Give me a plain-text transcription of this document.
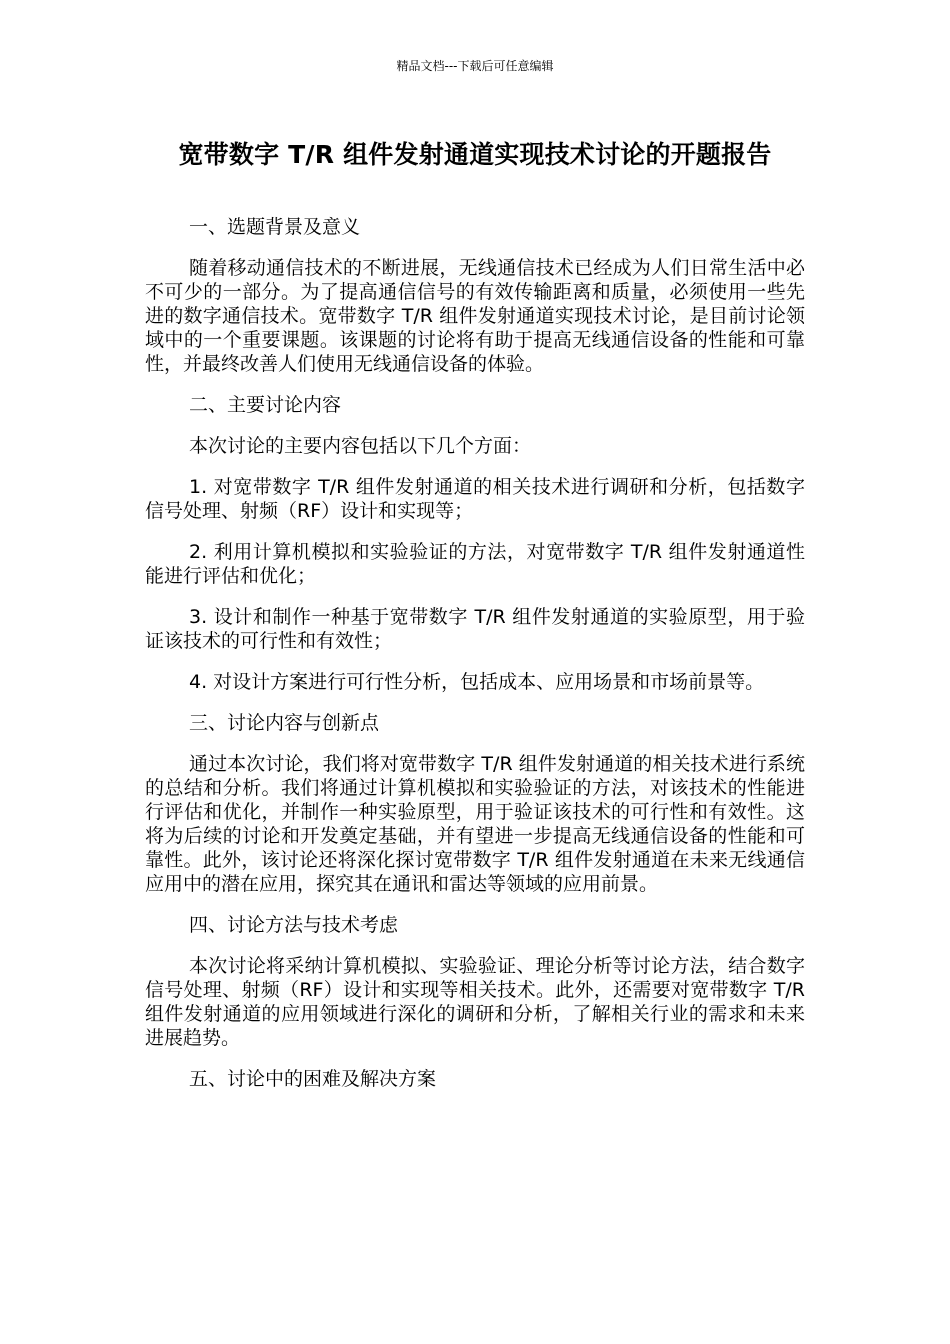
精品文档---下载后可任意编辑
宽带数字 T/R 组件发射通道实现技术讨论的开题报告

一、选题背景及意义

随着移动通信技术的不断进展，无线通信技术已经成为人们日常生活中必不可少的一部分。为了提高通信信号的有效传输距离和质量，必须使用一些先进的数字通信技术。宽带数字 T/R 组件发射通道实现技术讨论，是目前讨论领域中的一个重要课题。该课题的讨论将有助于提高无线通信设备的性能和可靠性，并最终改善人们使用无线通信设备的体验。

二、主要讨论内容

本次讨论的主要内容包括以下几个方面：

1. 对宽带数字 T/R 组件发射通道的相关技术进行调研和分析，包括数字信号处理、射频（RF）设计和实现等；

2. 利用计算机模拟和实验验证的方法，对宽带数字 T/R 组件发射通道性能进行评估和优化；

3. 设计和制作一种基于宽带数字 T/R 组件发射通道的实验原型，用于验证该技术的可行性和有效性；

4. 对设计方案进行可行性分析，包括成本、应用场景和市场前景等。

三、讨论内容与创新点

通过本次讨论，我们将对宽带数字 T/R 组件发射通道的相关技术进行系统的总结和分析。我们将通过计算机模拟和实验验证的方法，对该技术的性能进行评估和优化，并制作一种实验原型，用于验证该技术的可行性和有效性。这将为后续的讨论和开发奠定基础，并有望进一步提高无线通信设备的性能和可靠性。此外，该讨论还将深化探讨宽带数字 T/R 组件发射通道在未来无线通信应用中的潜在应用，探究其在通讯和雷达等领域的应用前景。

四、讨论方法与技术考虑

本次讨论将采纳计算机模拟、实验验证、理论分析等讨论方法，结合数字信号处理、射频（RF）设计和实现等相关技术。此外，还需要对宽带数字 T/R 组件发射通道的应用领域进行深化的调研和分析，了解相关行业的需求和未来进展趋势。

五、讨论中的困难及解决方案
